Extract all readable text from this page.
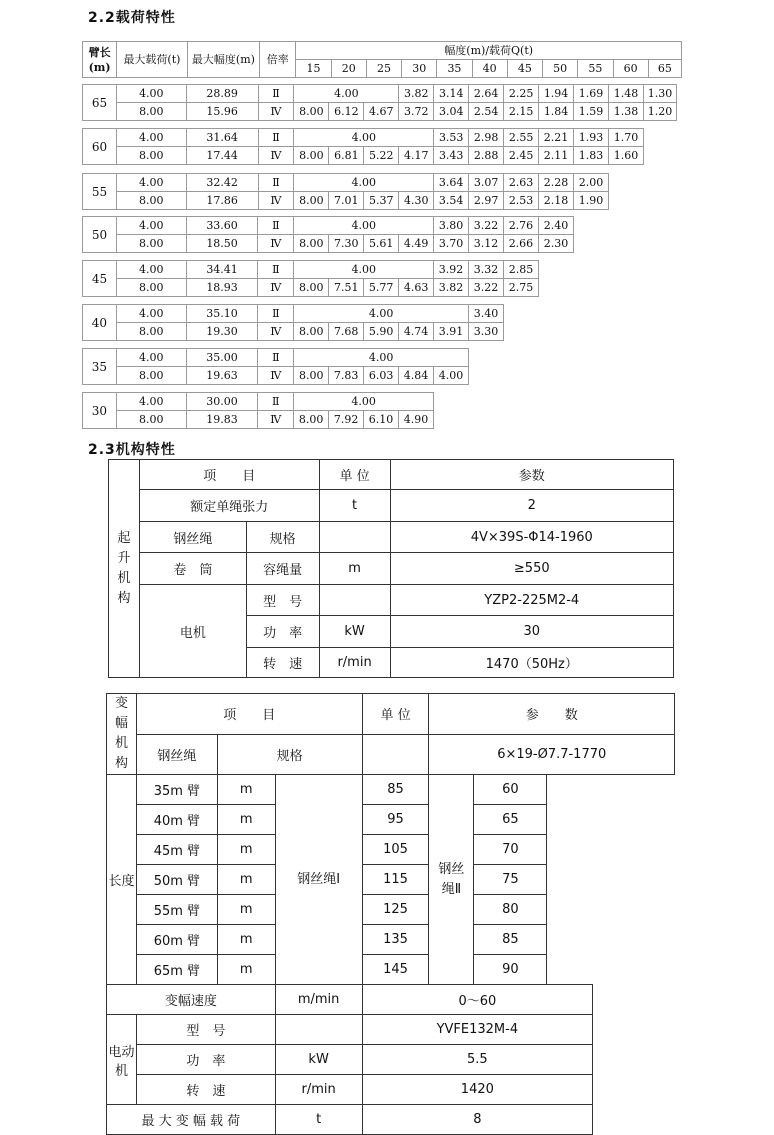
2.2载荷特性
臂长(m)	最大载荷(t)	最大幅度(m)	倍率	幅度(m)/载荷Q(t)										
				15	20	25	30	35	40	45	50	55	60	65
65	4.00	28.89	Ⅱ	4.00			3.82	3.14	2.64	2.25	1.94	1.69	1.48	1.30
	8.00	15.96	Ⅳ	8.00	6.12	4.67	3.72	3.04	2.54	2.15	1.84	1.59	1.38	1.20
60	4.00	31.64	Ⅱ	4.00				3.53	2.98	2.55	2.21	1.93	1.70
	8.00	17.44	Ⅳ	8.00	6.81	5.22	4.17	3.43	2.88	2.45	2.11	1.83	1.60
55	4.00	32.42	Ⅱ	4.00				3.64	3.07	2.63	2.28	2.00
	8.00	17.86	Ⅳ	8.00	7.01	5.37	4.30	3.54	2.97	2.53	2.18	1.90
50	4.00	33.60	Ⅱ	4.00				3.80	3.22	2.76	2.40
	8.00	18.50	Ⅳ	8.00	7.30	5.61	4.49	3.70	3.12	2.66	2.30
45	4.00	34.41	Ⅱ	4.00				3.92	3.32	2.85
	8.00	18.93	Ⅳ	8.00	7.51	5.77	4.63	3.82	3.22	2.75
40	4.00	35.10	Ⅱ	4.00					3.40
	8.00	19.30	Ⅳ	8.00	7.68	5.90	4.74	3.91	3.30
35	4.00	35.00	Ⅱ	4.00				
	8.00	19.63	Ⅳ	8.00	7.83	6.03	4.84	4.00
30	4.00	30.00	Ⅱ	4.00			
	8.00	19.83	Ⅳ	8.00	7.92	6.10	4.90
2.3机构特性
起升机构	项　　目		单 位	参数
	额定单绳张力		t	2
	钢丝绳	规格		4V×39S-Φ14-1960
	卷　筒	容绳量	m	≥550
	电机	型　号		YZP2-225M2-4
		功　率	kW	30
		转　速	r/min	1470（50Hz）
变幅机构	项　　目			单 位	参　　数	
	钢丝绳	规格			6×19-Ø7.7-1770	
长度	35m 臂	m	钢丝绳Ⅰ	85	钢丝绳Ⅱ	60
	40m 臂	m		95		65
	45m 臂	m		105		70
	50m 臂	m		115		75
	55m 臂	m		125		80
	60m 臂	m		135		85
	65m 臂	m		145		90
变幅速度			m/min	0～60		
电动机	型　号			YVFE132M-4		
	功　率		kW	5.5		
	转　速		r/min	1420		
最 大 变 幅 载 荷			t	8		
